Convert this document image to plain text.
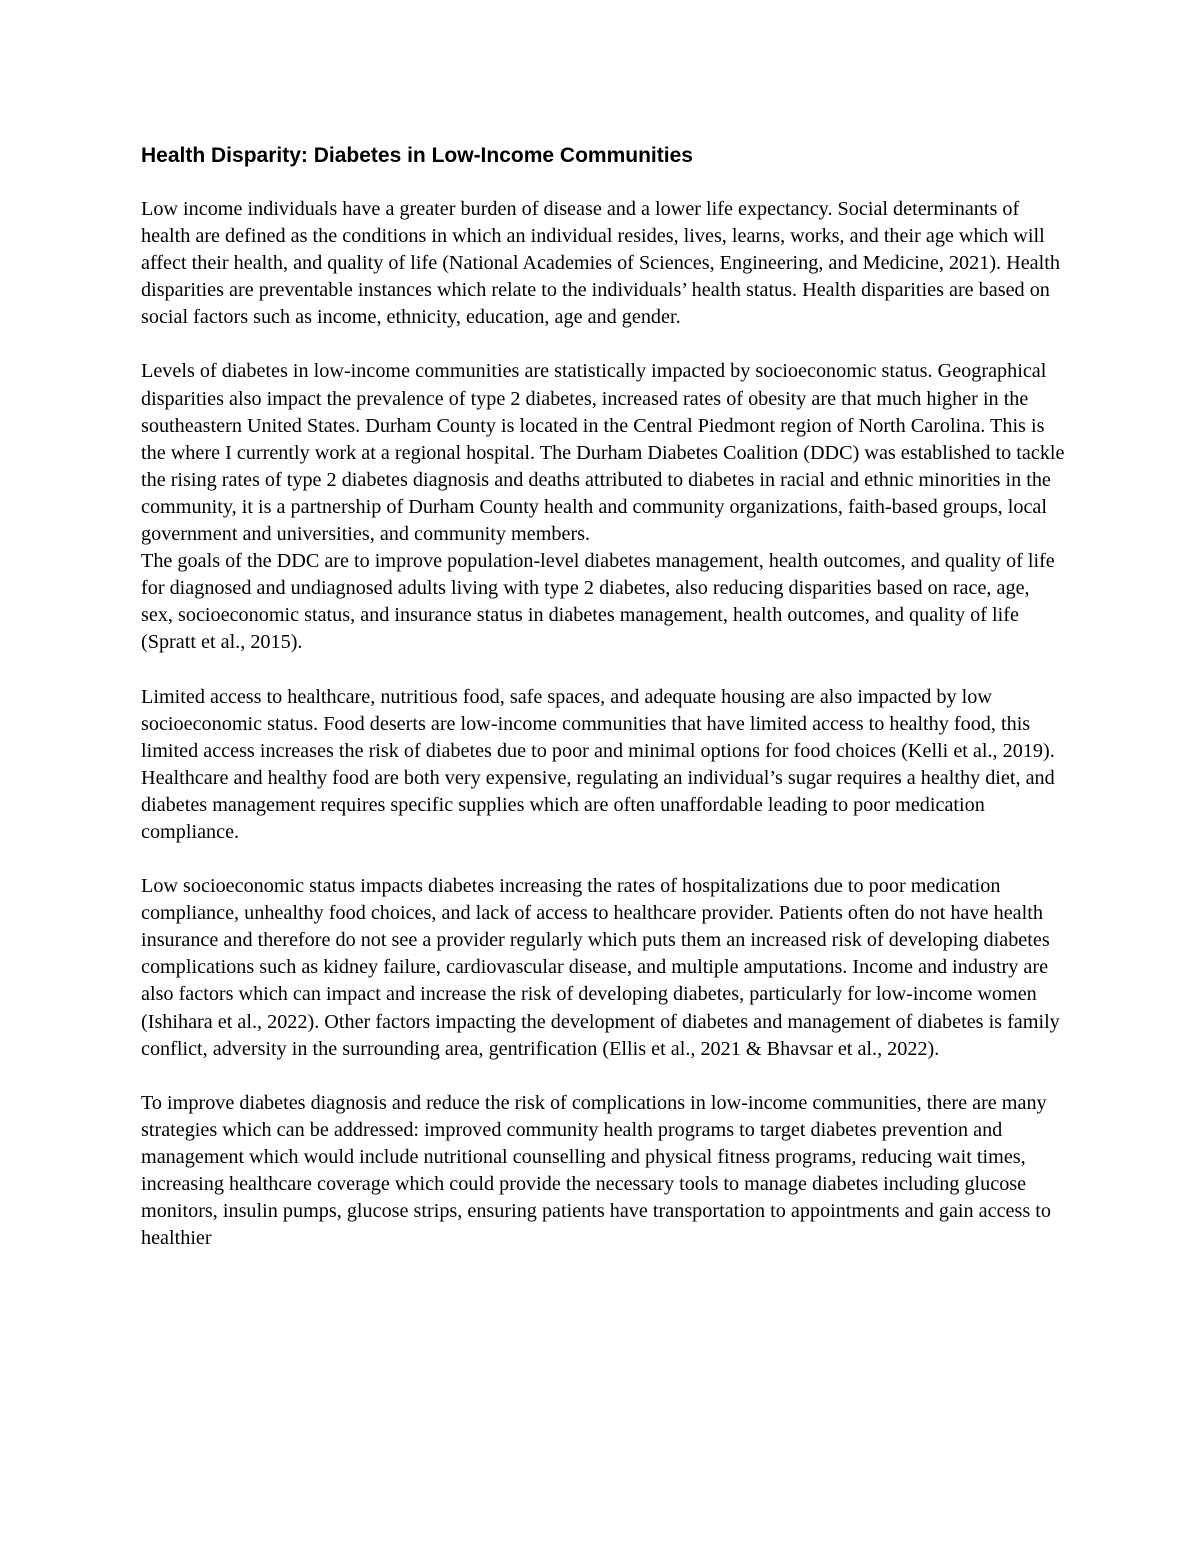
Health Disparity: Diabetes in Low-Income Communities

Low income individuals have a greater burden of disease and a lower life expectancy. Social determinants of health are defined as the conditions in which an individual resides, lives, learns, works, and their age which will affect their health, and quality of life (National Academies of Sciences, Engineering, and Medicine, 2021). Health disparities are preventable instances which relate to the individuals’ health status. Health disparities are based on social factors such as income, ethnicity, education, age and gender.

Levels of diabetes in low-income communities are statistically impacted by socioeconomic status. Geographical disparities also impact the prevalence of type 2 diabetes, increased rates of obesity are that much higher in the southeastern United States. Durham County is located in the Central Piedmont region of North Carolina. This is the where I currently work at a regional hospital. The Durham Diabetes Coalition (DDC) was established to tackle the rising rates of type 2 diabetes diagnosis and deaths attributed to diabetes in racial and ethnic minorities in the community, it is a partnership of Durham County health and community organizations, faith-based groups, local government and universities, and community members.

The goals of the DDC are to improve population-level diabetes management, health outcomes, and quality of life for diagnosed and undiagnosed adults living with type 2 diabetes, also reducing disparities based on race, age, sex, socioeconomic status, and insurance status in diabetes management, health outcomes, and quality of life (Spratt et al., 2015).

Limited access to healthcare, nutritious food, safe spaces, and adequate housing are also impacted by low socioeconomic status. Food deserts are low-income communities that have limited access to healthy food, this limited access increases the risk of diabetes due to poor and minimal options for food choices (Kelli et al., 2019). Healthcare and healthy food are both very expensive, regulating an individual’s sugar requires a healthy diet, and diabetes management requires specific supplies which are often unaffordable leading to poor medication compliance.

Low socioeconomic status impacts diabetes increasing the rates of hospitalizations due to poor medication compliance, unhealthy food choices, and lack of access to healthcare provider. Patients often do not have health insurance and therefore do not see a provider regularly which puts them an increased risk of developing diabetes complications such as kidney failure, cardiovascular disease, and multiple amputations. Income and industry are also factors which can impact and increase the risk of developing diabetes, particularly for low-income women (Ishihara et al., 2022). Other factors impacting the development of diabetes and management of diabetes is family conflict, adversity in the surrounding area, gentrification (Ellis et al., 2021 & Bhavsar et al., 2022).

To improve diabetes diagnosis and reduce the risk of complications in low-income communities, there are many strategies which can be addressed: improved community health programs to target diabetes prevention and management which would include nutritional counselling and physical fitness programs, reducing wait times, increasing healthcare coverage which could provide the necessary tools to manage diabetes including glucose monitors, insulin pumps, glucose strips, ensuring patients have transportation to appointments and gain access to healthier
